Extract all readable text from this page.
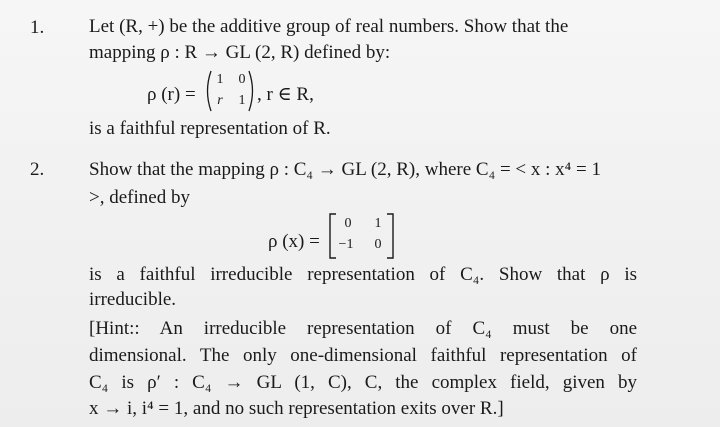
1. Let (R, +) be the additive group of real numbers. Show that the
mapping ρ : R → GL (2, R) defined by:
ρ (r) =
1 0
r 1 , r ∈ R,
is a faithful representation of R.
2. Show that the mapping ρ : C₄ → GL (2, R), where C₄ = < x : x⁴ = 1
>, defined by
ρ (x) =
0 1
−1 0
is a faithful irreducible representation of C₄. Show that ρ is
irreducible.
[Hint:: An irreducible representation of C₄ must be one
dimensional. The only one-dimensional faithful representation of
C₄ is ρ′ : C₄ → GL (1, C), C, the complex field, given by
x → i, i⁴ = 1, and no such representation exits over R.]
